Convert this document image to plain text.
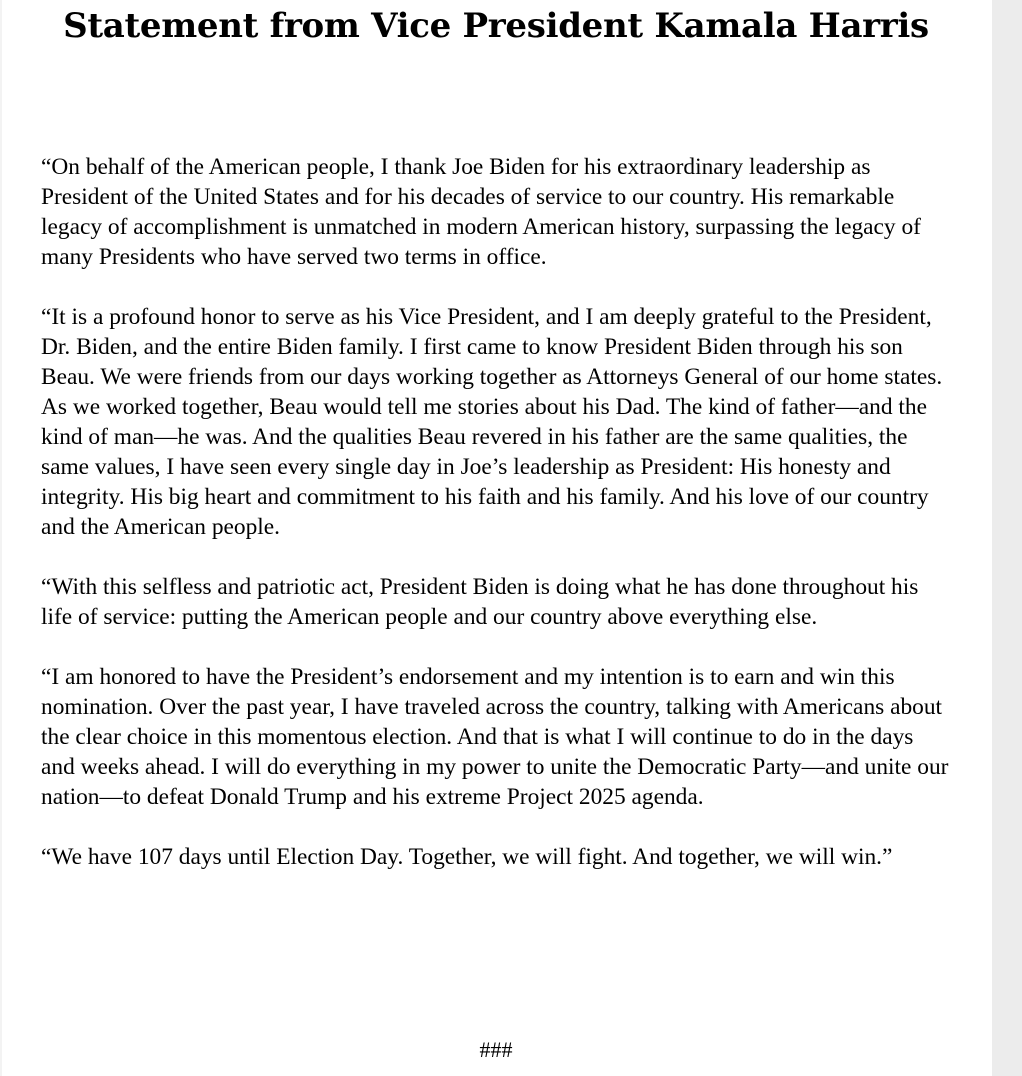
Statement from Vice President Kamala Harris

“On behalf of the American people, I thank Joe Biden for his extraordinary leadership as President of the United States and for his decades of service to our country. His remarkable legacy of accomplishment is unmatched in modern American history, surpassing the legacy of many Presidents who have served two terms in office.

“It is a profound honor to serve as his Vice President, and I am deeply grateful to the President, Dr. Biden, and the entire Biden family. I first came to know President Biden through his son Beau. We were friends from our days working together as Attorneys General of our home states. As we worked together, Beau would tell me stories about his Dad. The kind of father—and the kind of man—he was. And the qualities Beau revered in his father are the same qualities, the same values, I have seen every single day in Joe’s leadership as President: His honesty and integrity. His big heart and commitment to his faith and his family. And his love of our country and the American people.

“With this selfless and patriotic act, President Biden is doing what he has done throughout his life of service: putting the American people and our country above everything else.

“I am honored to have the President’s endorsement and my intention is to earn and win this nomination. Over the past year, I have traveled across the country, talking with Americans about the clear choice in this momentous election. And that is what I will continue to do in the days and weeks ahead. I will do everything in my power to unite the Democratic Party—and unite our nation—to defeat Donald Trump and his extreme Project 2025 agenda.

“We have 107 days until Election Day. Together, we will fight. And together, we will win.”

###
